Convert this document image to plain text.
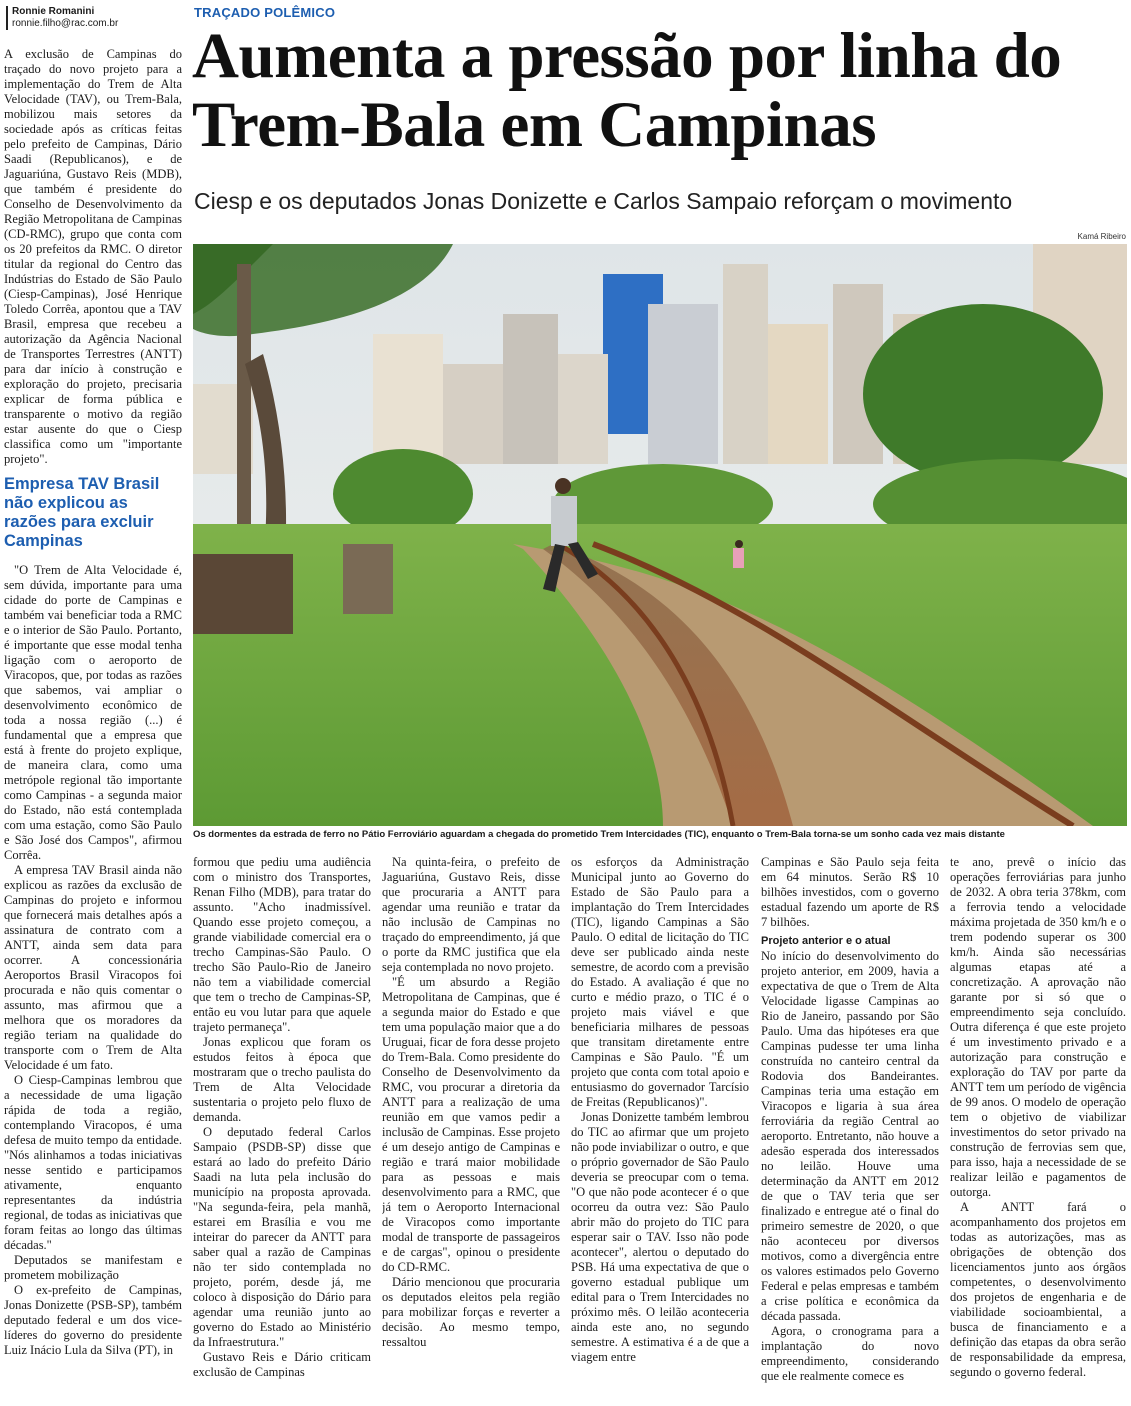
Ronnie Romanini
ronnie.filho@rac.com.br
TRAÇADO POLÊMICO
Aumenta a pressão por linha do Trem-Bala em Campinas
Ciesp e os deputados Jonas Donizette e Carlos Sampaio reforçam o movimento
Kamá Ribeiro
Os dormentes da estrada de ferro no Pátio Ferroviário aguardam a chegada do prometido Trem Intercidades (TIC), enquanto o Trem-Bala torna-se um sonho cada vez mais distante

A exclusão de Campinas do traçado do novo projeto para a implementação do Trem de Alta Velocidade (TAV), ou Trem-Bala, mobilizou mais setores da sociedade após as críticas feitas pelo prefeito de Campinas, Dário Saadi (Republicanos), e de Jaguariúna, Gustavo Reis (MDB), que também é presidente do Conselho de Desenvolvimento da Região Metropolitana de Campinas (CD-RMC), grupo que conta com os 20 prefeitos da RMC. O diretor titular da regional do Centro das Indústrias do Estado de São Paulo (Ciesp-Campinas), José Henrique Toledo Corrêa, apontou que a TAV Brasil, empresa que recebeu a autorização da Agência Nacional de Transportes Terrestres (ANTT) para dar início à construção e exploração do projeto, precisaria explicar de forma pública e transparente o motivo da região estar ausente do que o Ciesp classifica como um "importante projeto".

Empresa TAV Brasil não explicou as razões para excluir Campinas

"O Trem de Alta Velocidade é, sem dúvida, importante para uma cidade do porte de Campinas e também vai beneficiar toda a RMC e o interior de São Paulo. Portanto, é importante que esse modal tenha ligação com o aeroporto de Viracopos, que, por todas as razões que sabemos, vai ampliar o desenvolvimento econômico de toda a nossa região (...) é fundamental que a empresa que está à frente do projeto explique, de maneira clara, como uma metrópole regional tão importante como Campinas - a segunda maior do Estado, não está contemplada com uma estação, como São Paulo e São José dos Campos", afirmou Corrêa.

A empresa TAV Brasil ainda não explicou as razões da exclusão de Campinas do projeto e informou que fornecerá mais detalhes após a assinatura de contrato com a ANTT, ainda sem data para ocorrer. A concessionária Aeroportos Brasil Viracopos foi procurada e não quis comentar o assunto, mas afirmou que a melhora que os moradores da região teriam na qualidade do transporte com o Trem de Alta Velocidade é um fato.

O Ciesp-Campinas lembrou que a necessidade de uma ligação rápida de toda a região, contemplando Viracopos, é uma defesa de muito tempo da entidade. "Nós alinhamos a todas iniciativas nesse sentido e participamos ativamente, enquanto representantes da indústria regional, de todas as iniciativas que foram feitas ao longo das últimas décadas."

Deputados se manifestam e prometem mobilização

O ex-prefeito de Campinas, Jonas Donizette (PSB-SP), também deputado federal e um dos vice-líderes do governo do presidente Luiz Inácio Lula da Silva (PT), in

formou que pediu uma audiência com o ministro dos Transportes, Renan Filho (MDB), para tratar do assunto. "Acho inadmissível. Quando esse projeto começou, a grande viabilidade comercial era o trecho Campinas-São Paulo. O trecho São Paulo-Rio de Janeiro não tem a viabilidade comercial que tem o trecho de Campinas-SP, então eu vou lutar para que aquele trajeto permaneça".

Jonas explicou que foram os estudos feitos à época que mostraram que o trecho paulista do Trem de Alta Velocidade sustentaria o projeto pelo fluxo de demanda.

O deputado federal Carlos Sampaio (PSDB-SP) disse que estará ao lado do prefeito Dário Saadi na luta pela inclusão do município na proposta aprovada. "Na segunda-feira, pela manhã, estarei em Brasília e vou me inteirar do parecer da ANTT para saber qual a razão de Campinas não ter sido contemplada no projeto, porém, desde já, me coloco à disposição do Dário para agendar uma reunião junto ao governo do Estado ao Ministério da Infraestrutura."

Gustavo Reis e Dário criticam exclusão de Campinas

Na quinta-feira, o prefeito de Jaguariúna, Gustavo Reis, disse que procuraria a ANTT para agendar uma reunião e tratar da não inclusão de Campinas no traçado do empreendimento, já que o porte da RMC justifica que ela seja contemplada no novo projeto.

"É um absurdo a Região Metropolitana de Campinas, que é a segunda maior do Estado e que tem uma população maior que a do Uruguai, ficar de fora desse projeto do Trem-Bala. Como presidente do Conselho de Desenvolvimento da RMC, vou procurar a diretoria da ANTT para a realização de uma reunião em que vamos pedir a inclusão de Campinas. Esse projeto é um desejo antigo de Campinas e região e trará maior mobilidade para as pessoas e mais desenvolvimento para a RMC, que já tem o Aeroporto Internacional de Viracopos como importante modal de transporte de passageiros e de cargas", opinou o presidente do CD-RMC.

Dário mencionou que procuraria os deputados eleitos pela região para mobilizar forças e reverter a decisão. Ao mesmo tempo, ressaltou

os esforços da Administração Municipal junto ao Governo do Estado de São Paulo para a implantação do Trem Intercidades (TIC), ligando Campinas a São Paulo. O edital de licitação do TIC deve ser publicado ainda neste semestre, de acordo com a previsão do Estado. A avaliação é que no curto e médio prazo, o TIC é o projeto mais viável e que beneficiaria milhares de pessoas que transitam diretamente entre Campinas e São Paulo. "É um projeto que conta com total apoio e entusiasmo do governador Tarcísio de Freitas (Republicanos)".

Jonas Donizette também lembrou do TIC ao afirmar que um projeto não pode inviabilizar o outro, e que o próprio governador de São Paulo deveria se preocupar com o tema. "O que não pode acontecer é o que ocorreu da outra vez: São Paulo abrir mão do projeto do TIC para esperar sair o TAV. Isso não pode acontecer", alertou o deputado do PSB. Há uma expectativa de que o governo estadual publique um edital para o Trem Intercidades no próximo mês. O leilão aconteceria ainda este ano, no segundo semestre. A estimativa é a de que a viagem entre

Campinas e São Paulo seja feita em 64 minutos. Serão R$ 10 bilhões investidos, com o governo estadual fazendo um aporte de R$ 7 bilhões.

Projeto anterior e o atual

No início do desenvolvimento do projeto anterior, em 2009, havia a expectativa de que o Trem de Alta Velocidade ligasse Campinas ao Rio de Janeiro, passando por São Paulo. Uma das hipóteses era que Campinas pudesse ter uma linha construída no canteiro central da Rodovia dos Bandeirantes. Campinas teria uma estação em Viracopos e ligaria à sua área ferroviária da região Central ao aeroporto. Entretanto, não houve a adesão esperada dos interessados no leilão. Houve uma determinação da ANTT em 2012 de que o TAV teria que ser finalizado e entregue até o final do primeiro semestre de 2020, o que não aconteceu por diversos motivos, como a divergência entre os valores estimados pelo Governo Federal e pelas empresas e também a crise política e econômica da década passada.

Agora, o cronograma para a implantação do novo empreendimento, considerando que ele realmente comece es

te ano, prevê o início das operações ferroviárias para junho de 2032. A obra teria 378km, com a ferrovia tendo a velocidade máxima projetada de 350 km/h e o trem podendo superar os 300 km/h. Ainda são necessárias algumas etapas até a concretização. A aprovação não garante por si só que o empreendimento seja concluído. Outra diferença é que este projeto é um investimento privado e a autorização para construção e exploração do TAV por parte da ANTT tem um período de vigência de 99 anos. O modelo de operação tem o objetivo de viabilizar investimentos do setor privado na construção de ferrovias sem que, para isso, haja a necessidade de se realizar leilão e pagamentos de outorga.

A ANTT fará o acompanhamento dos projetos em todas as autorizações, mas as obrigações de obtenção dos licenciamentos junto aos órgãos competentes, o desenvolvimento dos projetos de engenharia e de viabilidade socioambiental, a busca de financiamento e a definição das etapas da obra serão de responsabilidade da empresa, segundo o governo federal.
